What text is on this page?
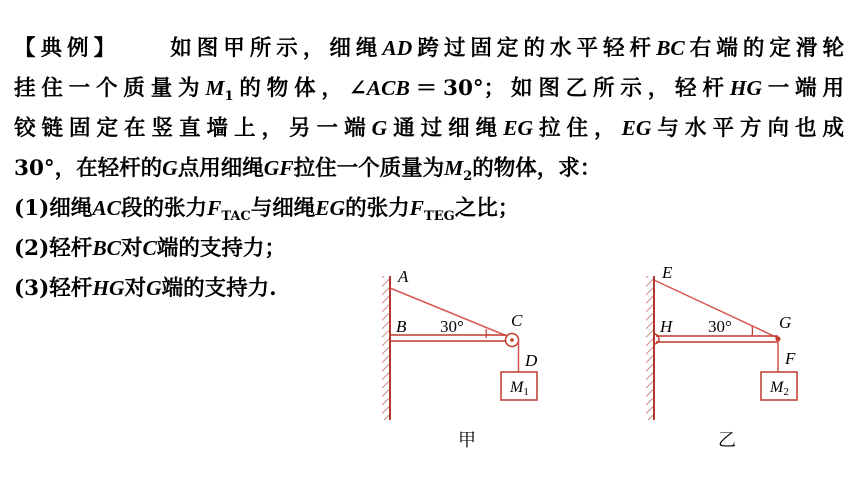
【典例】 如图甲所示，细绳AD跨过固定的水平轻杆BC右端的定滑轮
挂住一个质量为$M_1$的物体，∠ACB＝30°；如图乙所示，轻杆HG一端用
铰链固定在竖直墙上，另一端G通过细绳EG拉住，EG与水平方向也成
30°，在轻杆的G点用细绳GF拉住一个质量为$M_2$的物体，求：
(1)细绳AC段的张力$F_{TAC}$与细绳EG的张力$F_{TEG}$之比；
(2)轻杆BC对C端的支持力；
(3)轻杆HG对G端的支持力.	A
B 30°	C
D
M1
甲
E
H 30°	G
F
M2
乙
